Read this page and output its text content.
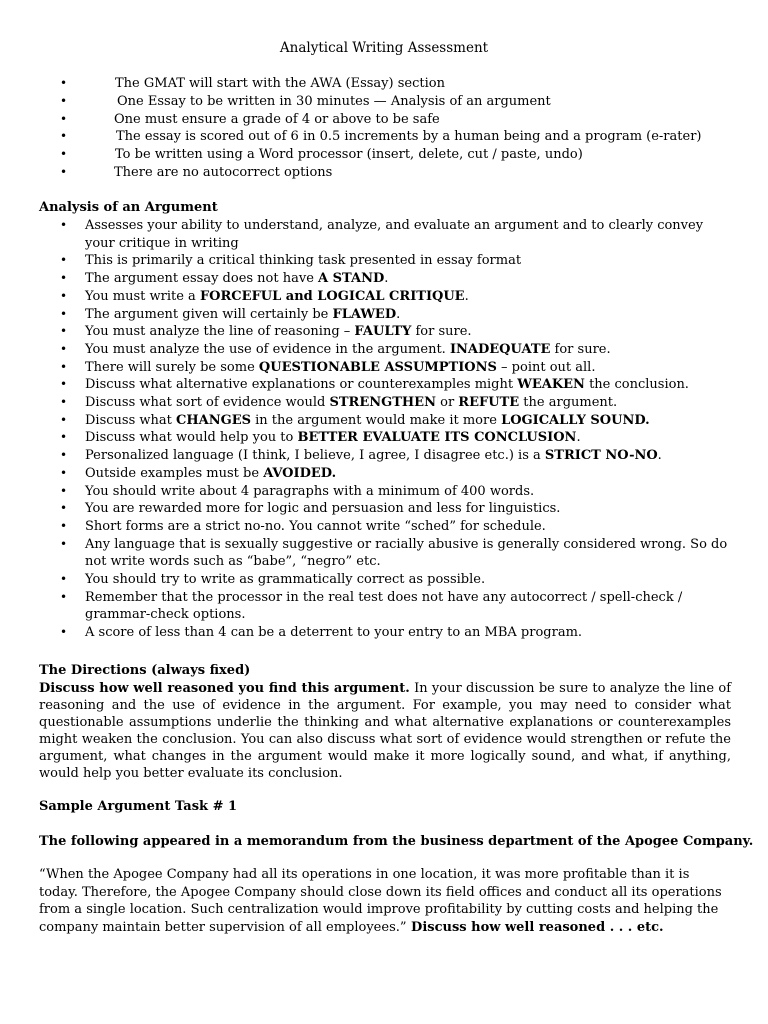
Analytical Writing Assessment
•	The GMAT will start with the AWA (Essay) section
•	One Essay to be written in 30 minutes — Analysis of an argument
•	One must ensure a grade of 4 or above to be safe
•	The essay is scored out of 6 in 0.5 increments by a human being and a program (e-rater)
•	To be written using a Word processor (insert, delete, cut / paste, undo)
•	There are no autocorrect options
Analysis of an Argument
• Assesses your ability to understand, analyze, and evaluate an argument and to clearly convey your critique in writing
• This is primarily a critical thinking task presented in essay format
• The argument essay does not have A STAND.
• You must write a FORCEFUL and LOGICAL CRITIQUE.
• The argument given will certainly be FLAWED.
• You must analyze the line of reasoning – FAULTY for sure.
• You must analyze the use of evidence in the argument. INADEQUATE for sure.
• There will surely be some QUESTIONABLE ASSUMPTIONS – point out all.
• Discuss what alternative explanations or counterexamples might WEAKEN the conclusion.
• Discuss what sort of evidence would STRENGTHEN or REFUTE the argument.
• Discuss what CHANGES in the argument would make it more LOGICALLY SOUND.
• Discuss what would help you to BETTER EVALUATE ITS CONCLUSION.
• Personalized language (I think, I believe, I agree, I disagree etc.) is a STRICT NO-NO.
• Outside examples must be AVOIDED.
• You should write about 4 paragraphs with a minimum of 400 words.
• You are rewarded more for logic and persuasion and less for linguistics.
• Short forms are a strict no-no. You cannot write “sched” for schedule.
• Any language that is sexually suggestive or racially abusive is generally considered wrong. So do not write words such as “babe”, “negro” etc.
• You should try to write as grammatically correct as possible.
• Remember that the processor in the real test does not have any autocorrect / spell-check / grammar-check options.
• A score of less than 4 can be a deterrent to your entry to an MBA program.
The Directions (always fixed)

Discuss how well reasoned you find this argument. In your discussion be sure to analyze the line of reasoning and the use of evidence in the argument. For example, you may need to consider what questionable assumptions underlie the thinking and what alternative explanations or counterexamples might weaken the conclusion. You can also discuss what sort of evidence would strengthen or refute the argument, what changes in the argument would make it more logically sound, and what, if anything, would help you better evaluate its conclusion.

Sample Argument Task # 1
The following appeared in a memorandum from the business department of the Apogee Company.

“When the Apogee Company had all its operations in one location, it was more profitable than it is today. Therefore, the Apogee Company should close down its field offices and conduct all its operations from a single location. Such centralization would improve profitability by cutting costs and helping the company maintain better supervision of all employees.” Discuss how well reasoned . . . etc.
